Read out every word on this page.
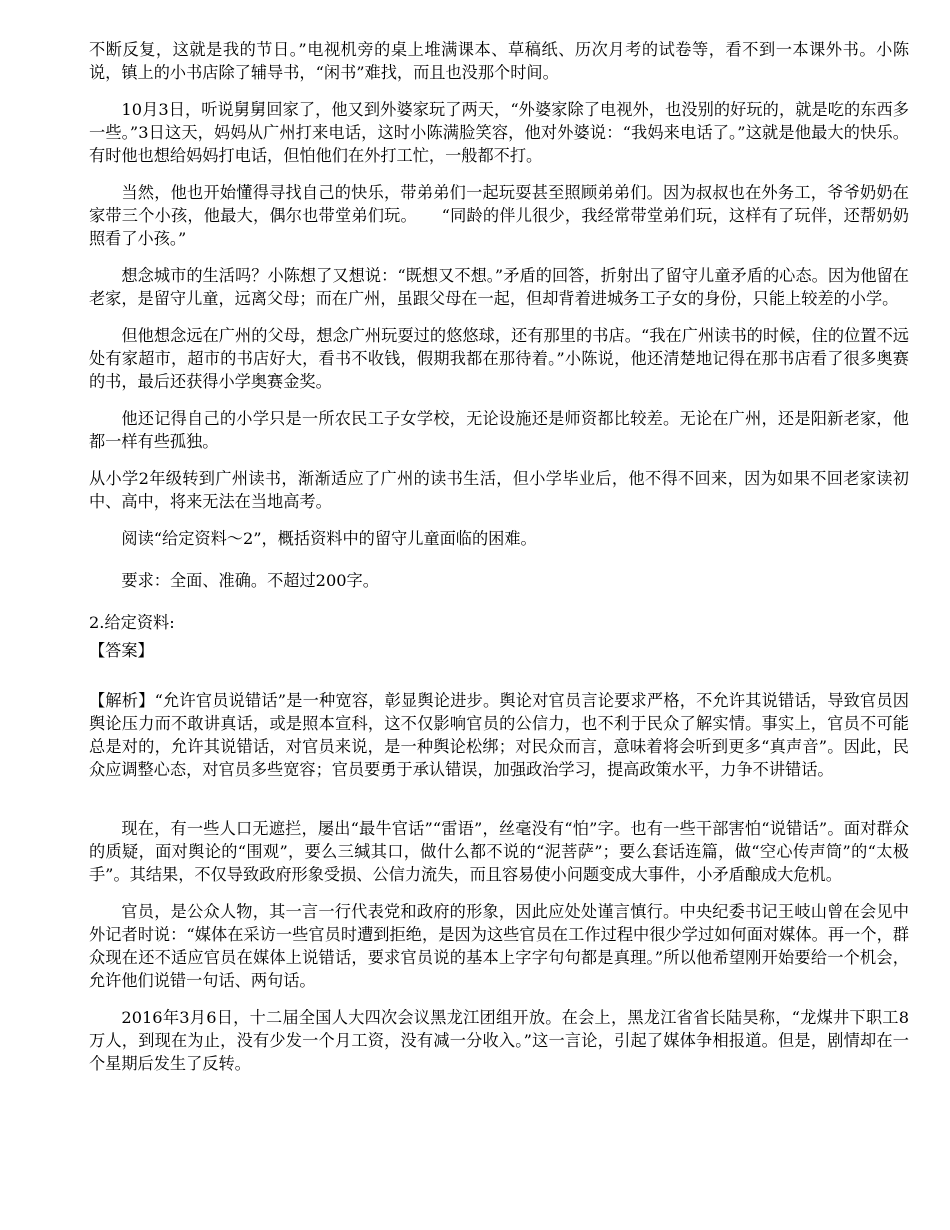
不断反复，这就是我的节日。”电视机旁的桌上堆满课本、草稿纸、历次月考的试卷等，看不到一本课外书。小陈说，镇上的小书店除了辅导书，“闲书”难找，而且也没那个时间。

10月3日，听说舅舅回家了，他又到外婆家玩了两天，“外婆家除了电视外，也没别的好玩的，就是吃的东西多一些。”3日这天，妈妈从广州打来电话，这时小陈满脸笑容，他对外婆说：“我妈来电话了。”这就是他最大的快乐。有时他也想给妈妈打电话，但怕他们在外打工忙，一般都不打。

当然，他也开始懂得寻找自己的快乐，带弟弟们一起玩耍甚至照顾弟弟们。因为叔叔也在外务工，爷爷奶奶在家带三个小孩，他最大，偶尔也带堂弟们玩。　　“同龄的伴儿很少，我经常带堂弟们玩，这样有了玩伴，还帮奶奶照看了小孩。”

想念城市的生活吗？小陈想了又想说：“既想又不想。”矛盾的回答，折射出了留守儿童矛盾的心态。因为他留在老家，是留守儿童，远离父母；而在广州，虽跟父母在一起，但却背着进城务工子女的身份，只能上较差的小学。

但他想念远在广州的父母，想念广州玩耍过的悠悠球，还有那里的书店。“我在广州读书的时候，住的位置不远处有家超市，超市的书店好大，看书不收钱，假期我都在那待着。”小陈说，他还清楚地记得在那书店看了很多奥赛的书，最后还获得小学奥赛金奖。

他还记得自己的小学只是一所农民工子女学校，无论设施还是师资都比较差。无论在广州，还是阳新老家，他都一样有些孤独。

从小学2年级转到广州读书，渐渐适应了广州的读书生活，但小学毕业后，他不得不回来，因为如果不回老家读初中、高中，将来无法在当地高考。

阅读“给定资料～2”，概括资料中的留守儿童面临的困难。

要求：全面、准确。不超过200字。

2.给定资料:

【答案】

【解析】“允许官员说错话”是一种宽容，彰显舆论进步。舆论对官员言论要求严格，不允许其说错话，导致官员因舆论压力而不敢讲真话，或是照本宣科，这不仅影响官员的公信力，也不利于民众了解实情。事实上，官员不可能总是对的，允许其说错话，对官员来说，是一种舆论松绑；对民众而言，意味着将会听到更多“真声音”。因此，民众应调整心态，对官员多些宽容；官员要勇于承认错误，加强政治学习，提高政策水平，力争不讲错话。

现在，有一些人口无遮拦，屡出“最牛官话”“雷语”，丝毫没有“怕”字。也有一些干部害怕“说错话”。面对群众的质疑，面对舆论的“围观”，要么三缄其口，做什么都不说的“泥菩萨”；要么套话连篇，做“空心传声筒”的“太极手”。其结果，不仅导致政府形象受损、公信力流失，而且容易使小问题变成大事件，小矛盾酿成大危机。

官员，是公众人物，其一言一行代表党和政府的形象，因此应处处谨言慎行。中央纪委书记王岐山曾在会见中外记者时说：“媒体在采访一些官员时遭到拒绝，是因为这些官员在工作过程中很少学过如何面对媒体。再一个，群众现在还不适应官员在媒体上说错话，要求官员说的基本上字字句句都是真理。”所以他希望刚开始要给一个机会，允许他们说错一句话、两句话。

2016年3月6日，十二届全国人大四次会议黑龙江团组开放。在会上，黑龙江省省长陆昊称，“龙煤井下职工8万人，到现在为止，没有少发一个月工资，没有减一分收入。”这一言论，引起了媒体争相报道。但是，剧情却在一个星期后发生了反转。
